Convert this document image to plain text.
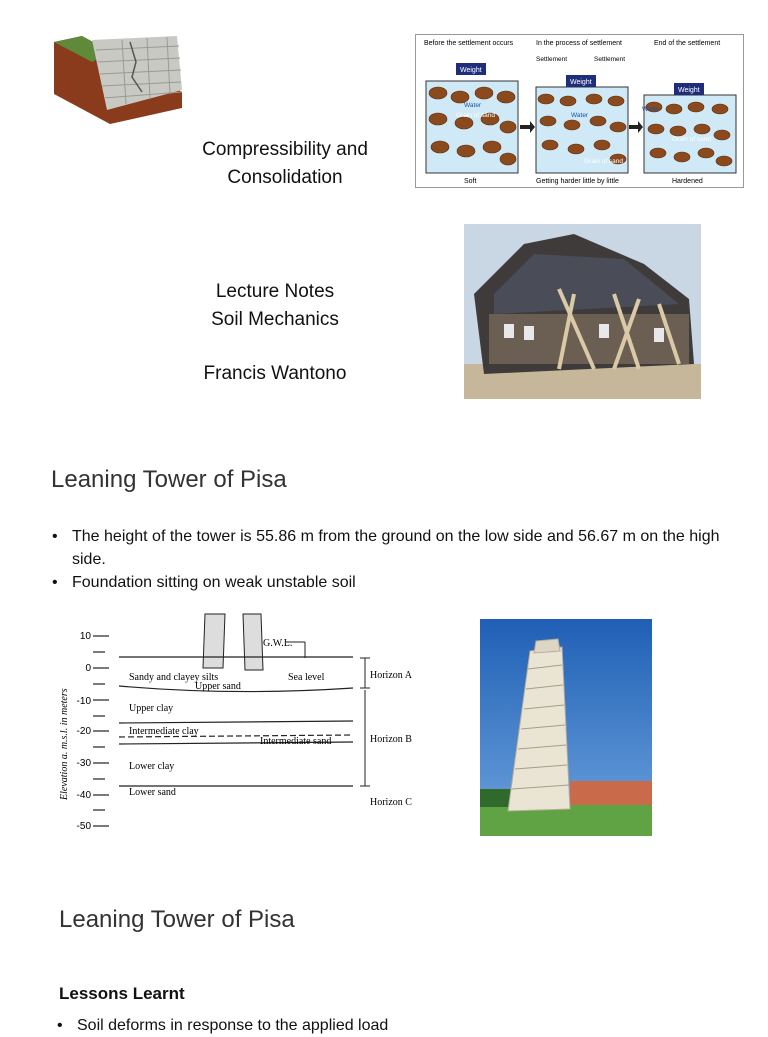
Compressibility and
Consolidation
Before the settlement occurs	In the process of settlement	End of the settlement
Settlement	Settlement
Weight
Weight
Weight
Water
Grain of sand	Water
Grain of sand
Water
Grain of sand
Soft	Getting harder little by little	Hardened
Lecture Notes
Soil Mechanics
Francis Wantono
Leaning Tower of Pisa
• The height of the tower is 55.86 m from the ground on the low side and 56.67 m on the high side.
• Foundation sitting on weak unstable soil
Elevation a. m.s.l. in meters
10
0
-10
-20
-30
-40
-50
G.W.L.
Sandy and clayey silts
Upper sand
Sea level
Upper clay
Intermediate clay
Intermediate sand
Lower clay
Lower sand
Horizon A
Horizon B
Horizon C
Leaning Tower of Pisa
Lessons Learnt
• Soil deforms in response to the applied load
